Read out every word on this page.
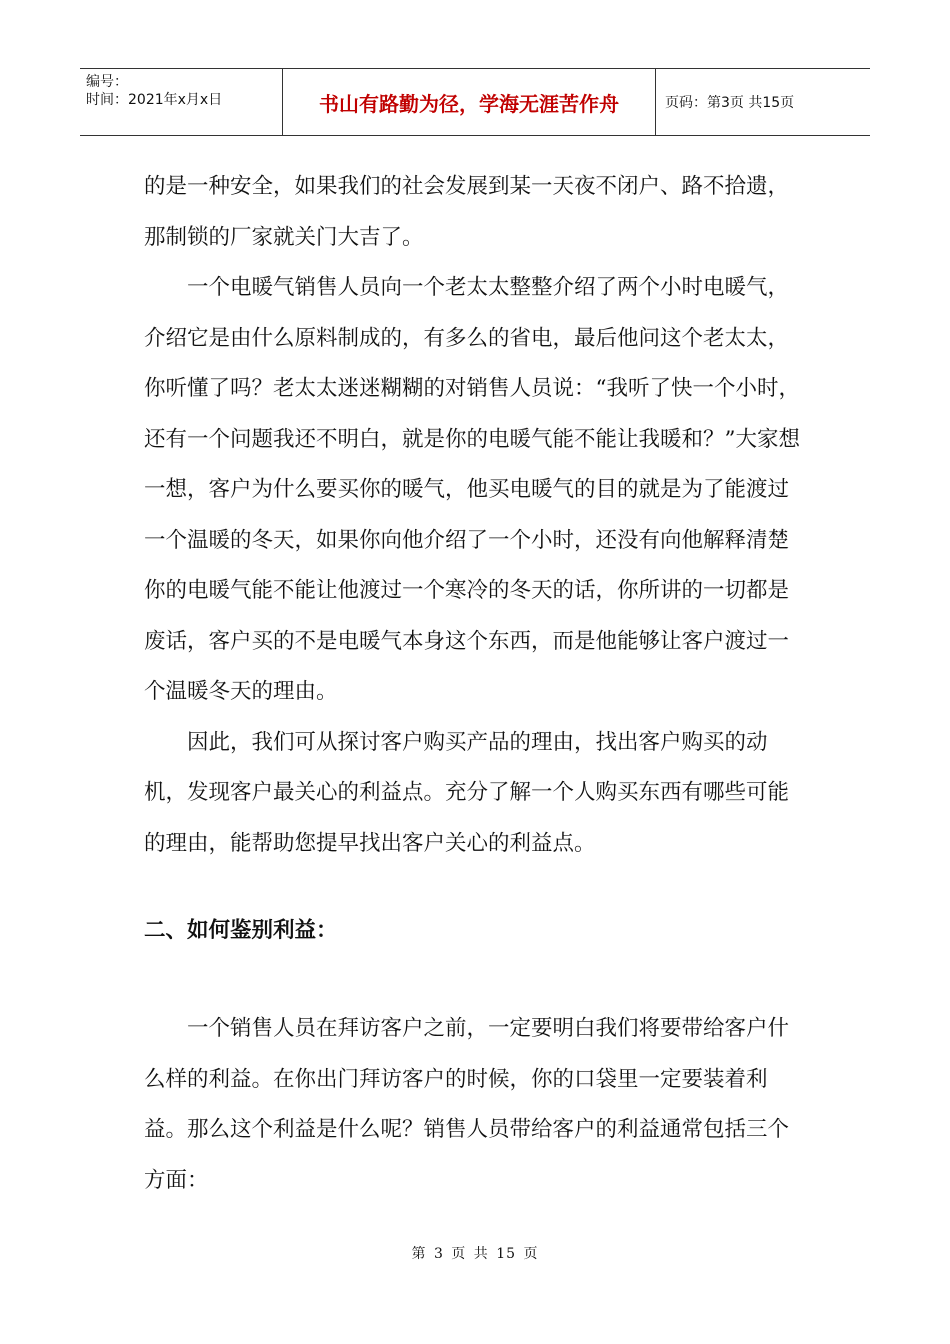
编号：
时间：2021年x月x日	书山有路勤为径，学海无涯苦作舟	页码：第3页 共15页

的是一种安全，如果我们的社会发展到某一天夜不闭户、路不拾遗，那制锁的厂家就关门大吉了。

一个电暖气销售人员向一个老太太整整介绍了两个小时电暖气，介绍它是由什么原料制成的，有多么的省电，最后他问这个老太太，你听懂了吗？老太太迷迷糊糊的对销售人员说：“我听了快一个小时，还有一个问题我还不明白，就是你的电暖气能不能让我暖和？”大家想一想，客户为什么要买你的暖气，他买电暖气的目的就是为了能渡过一个温暖的冬天，如果你向他介绍了一个小时，还没有向他解释清楚你的电暖气能不能让他渡过一个寒冷的冬天的话，你所讲的一切都是废话，客户买的不是电暖气本身这个东西，而是他能够让客户渡过一个温暖冬天的理由。

因此，我们可从探讨客户购买产品的理由，找出客户购买的动机，发现客户最关心的利益点。充分了解一个人购买东西有哪些可能的理由，能帮助您提早找出客户关心的利益点。

二、如何鉴别利益：

一个销售人员在拜访客户之前，一定要明白我们将要带给客户什么样的利益。在你出门拜访客户的时候，你的口袋里一定要装着利益。那么这个利益是什么呢？销售人员带给客户的利益通常包括三个方面：

第 3 页 共 15 页
